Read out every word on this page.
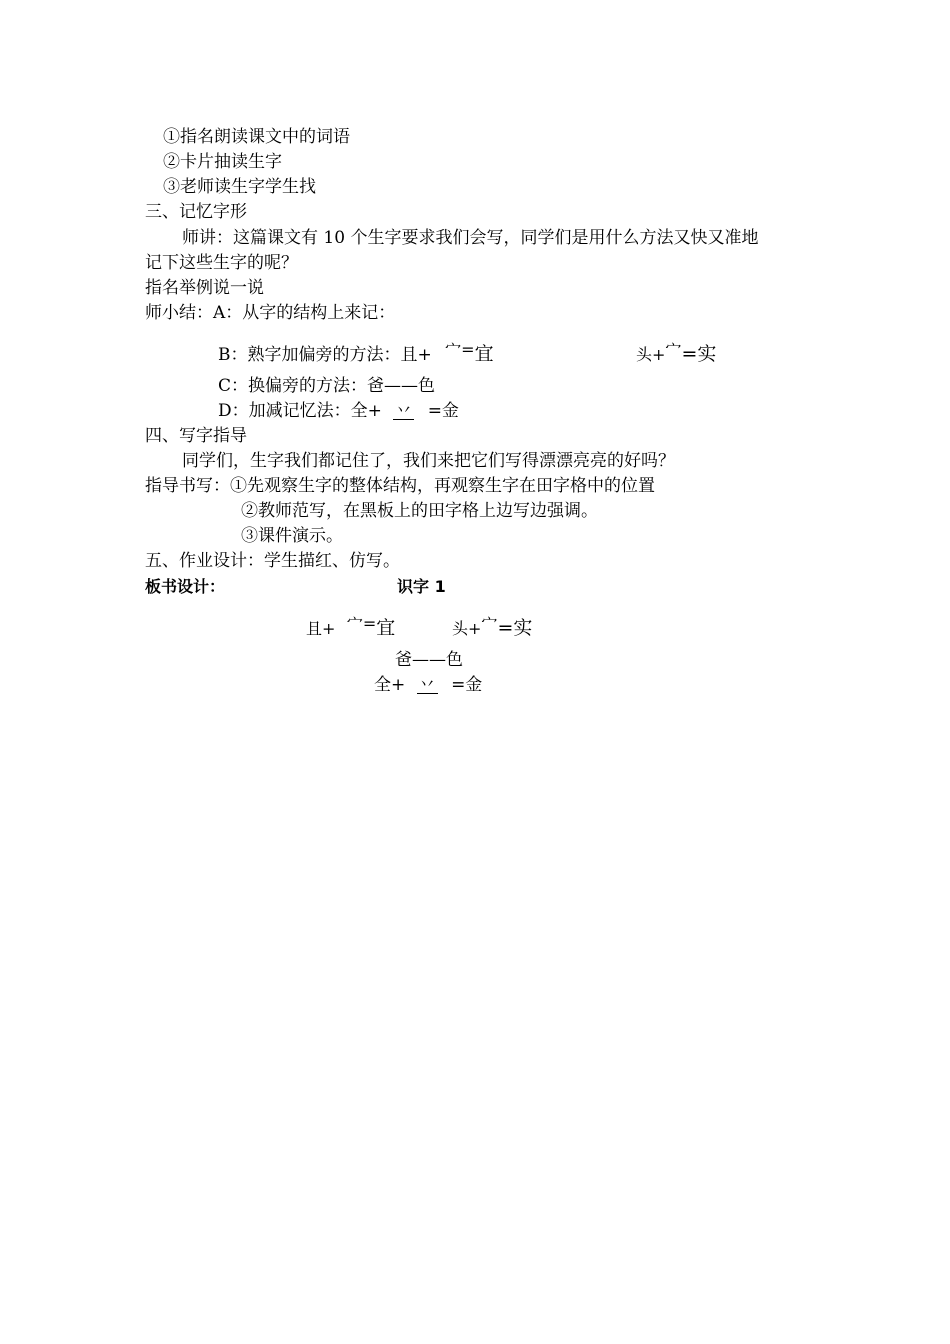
①指名朗读课文中的词语
②卡片抽读生字
③老师读生字学生找
三、记忆字形
师讲：这篇课文有 10 个生字要求我们会写，同学们是用什么方法又快又准地
记下这些生字的呢？
指名举例说一说
师小结：A：从字的结构上来记：
B：熟字加偏旁的方法：且+ 宀=宜	头+宀=实
C：换偏旁的方法：爸——色
D：加减记忆法：全+ 丷 =金
四、写字指导
同学们，生字我们都记住了，我们来把它们写得漂漂亮亮的好吗？
指导书写：①先观察生字的整体结构，再观察生字在田字格中的位置
②教师范写，在黑板上的田字格上边写边强调。
③课件演示。
五、作业设计：学生描红、仿写。
板书设计：	识字 1
且+ 宀=宜	头+宀=实
爸——色
全+ 丷 =金
